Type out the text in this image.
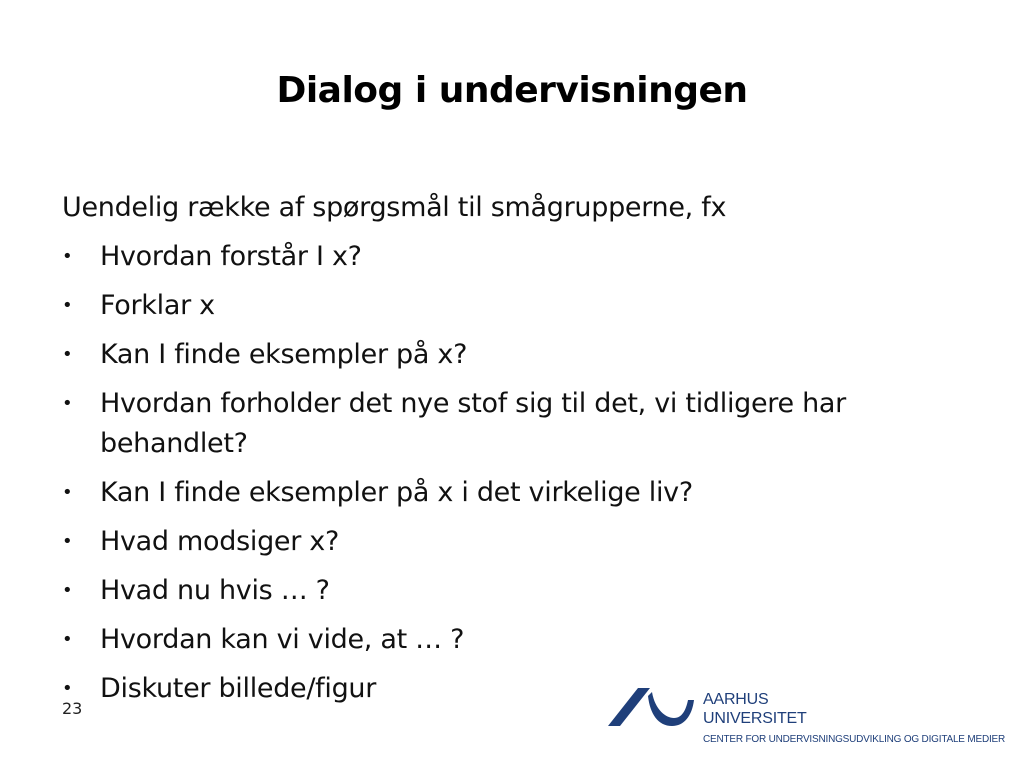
Dialog i undervisningen

Uendelig række af spørgsmål til smågrupperne, fx

• Hvordan forstår I x?
• Forklar x
• Kan I finde eksempler på x?
• Hvordan forholder det nye stof sig til det, vi tidligere har behandlet?
• Kan I finde eksempler på x i det virkelige liv?
• Hvad modsiger x?
• Hvad nu hvis … ?
• Hvordan kan vi vide, at … ?
• Diskuter billede/figur
23	AARHUS
UNIVERSITET
CENTER FOR UNDERVISNINGSUDVIKLING OG DIGITALE MEDIER
